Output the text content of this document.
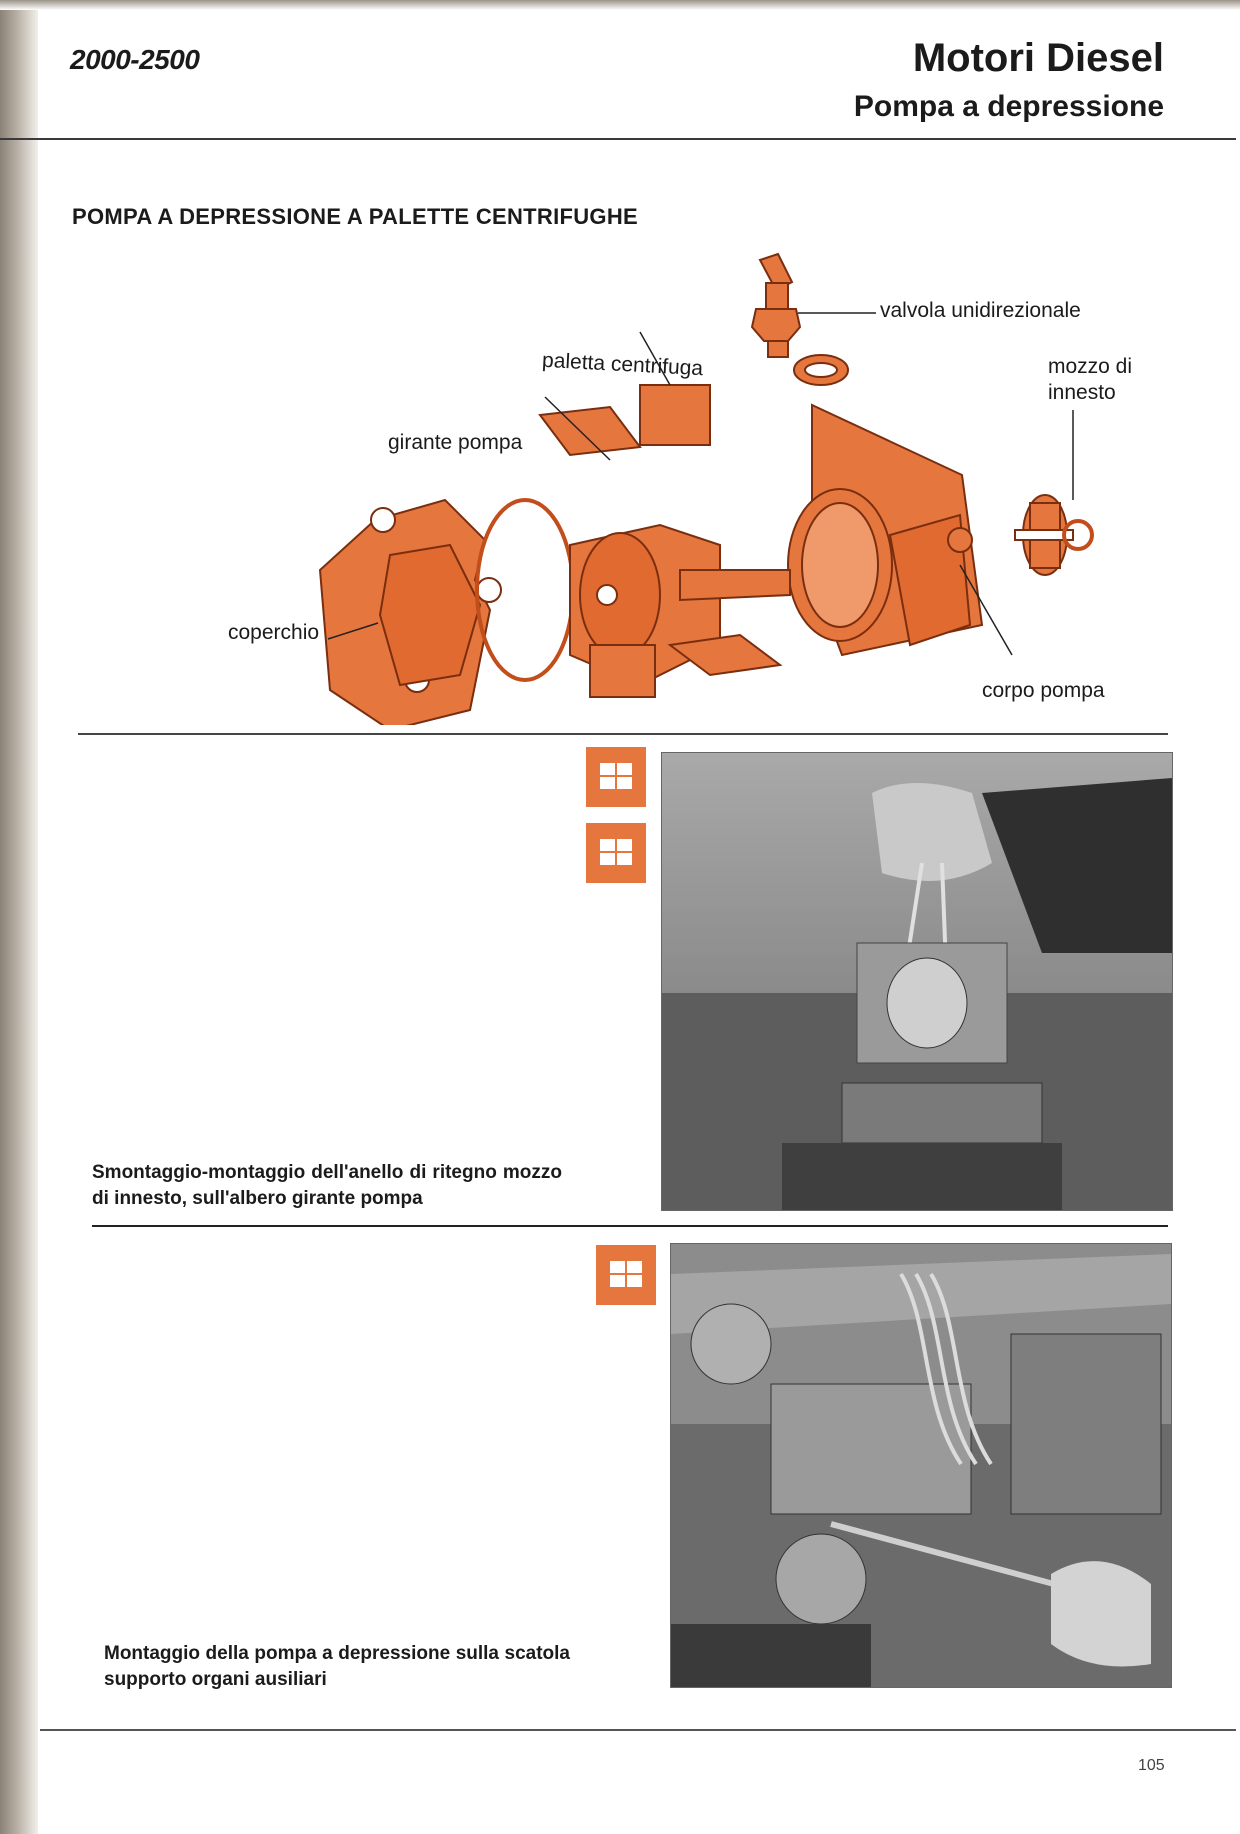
2000-2500	Motori Diesel
Pompa a depressione
POMPA A DEPRESSIONE A PALETTE CENTRIFUGHE
valvola unidirezionale
paletta centrifuga	mozzo di
innesto
girante pompa
coperchio
corpo pompa
Smontaggio-montaggio dell'anello di ritegno mozzo di innesto, sull'albero girante pompa
Montaggio della pompa a depressione sulla scatola supporto organi ausiliari
105
